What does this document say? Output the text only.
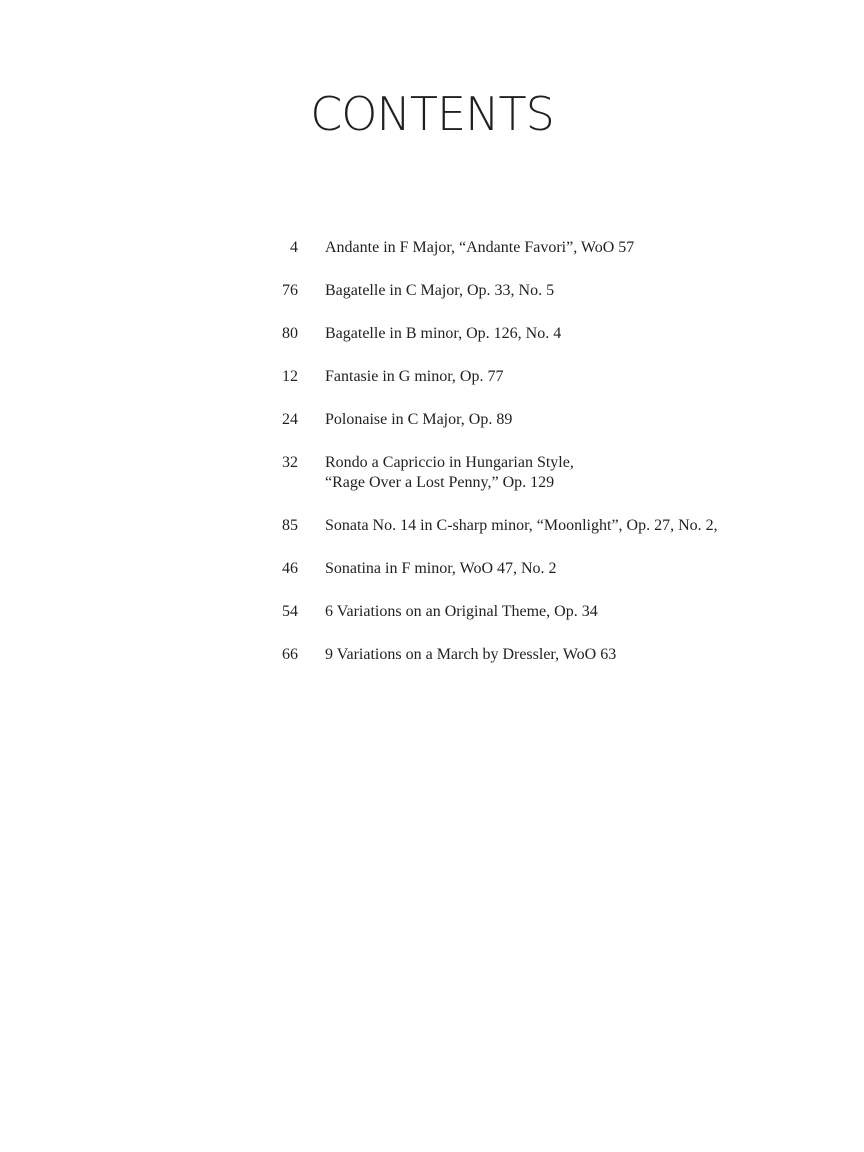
CONTENTS
4 Andante in F Major, “Andante Favori”, WoO 57
76 Bagatelle in C Major, Op. 33, No. 5
80 Bagatelle in B minor, Op. 126, No. 4
12 Fantasie in G minor, Op. 77
24 Polonaise in C Major, Op. 89
32 Rondo a Capriccio in Hungarian Style,
“Rage Over a Lost Penny,” Op. 129
85 Sonata No. 14 in C-sharp minor, “Moonlight”, Op. 27, No. 2,
46 Sonatina in F minor, WoO 47, No. 2
54 6 Variations on an Original Theme, Op. 34
66 9 Variations on a March by Dressler, WoO 63
